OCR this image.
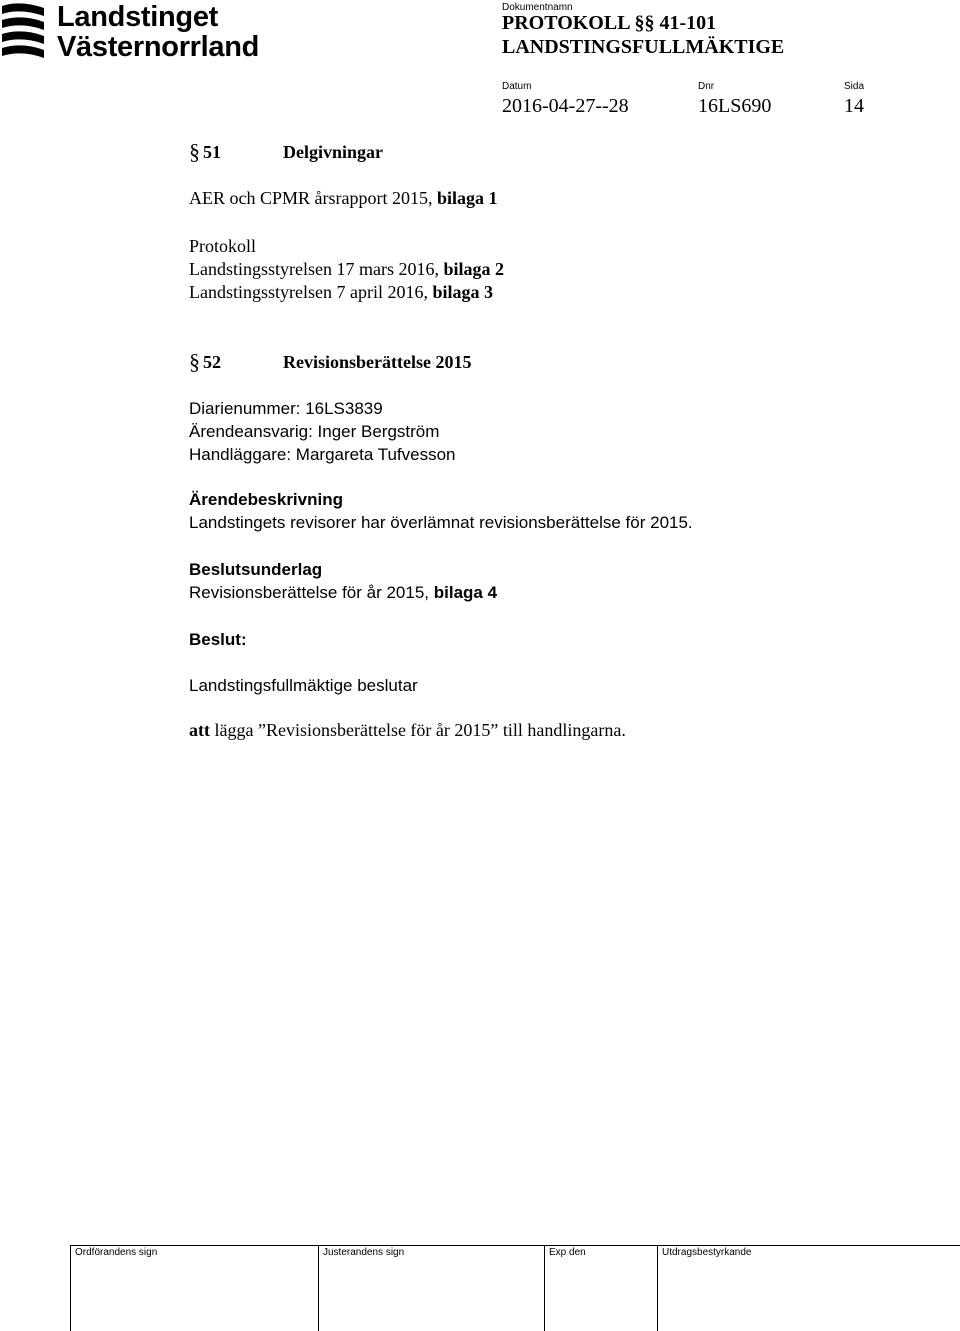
Landstinget
Västernorrland
Dokumentnamn
PROTOKOLL §§ 41-101
LANDSTINGSFULLMÄKTIGE
Datum
2016-04-27--28
Dnr
16LS690
Sida
14
§ 51	Delgivningar
AER och CPMR årsrapport 2015, bilaga 1
Protokoll
Landstingsstyrelsen 17 mars 2016, bilaga 2
Landstingsstyrelsen 7 april 2016, bilaga 3
§ 52	Revisionsberättelse 2015
Diarienummer: 16LS3839
Ärendeansvarig: Inger Bergström
Handläggare: Margareta Tufvesson
Ärendebeskrivning
Landstingets revisorer har överlämnat revisionsberättelse för 2015.
Beslutsunderlag
Revisionsberättelse för år 2015, bilaga 4
Beslut:
Landstingsfullmäktige beslutar
att lägga ”Revisionsberättelse för år 2015” till handlingarna.
Ordförandens sign	Justerandens sign	Exp den	Utdragsbestyrkande
